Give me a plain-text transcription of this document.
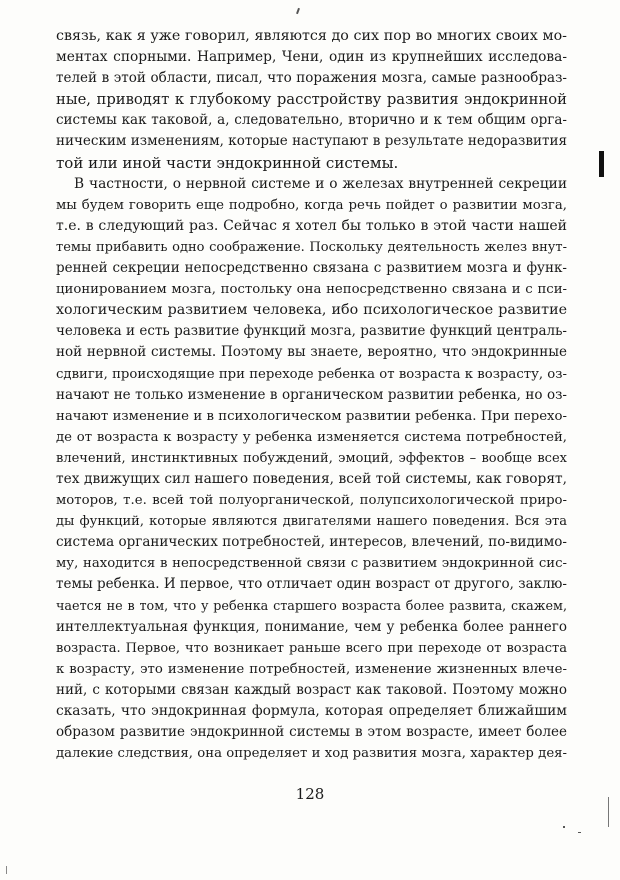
связь, как я уже говорил, являются до сих пор во многих своих мо-
ментах спорными. Например, Чени, один из крупнейших исследова-
телей в этой области, писал, что поражения мозга, самые разнообраз-
ные, приводят к глубокому расстройству развития эндокринной
системы как таковой, а, следовательно, вторично и к тем общим орга-
ническим изменениям, которые наступают в результате недоразвития
той или иной части эндокринной системы.
В частности, о нервной системе и о железах внутренней секреции
мы будем говорить еще подробно, когда речь пойдет о развитии мозга,
т.е. в следующий раз. Сейчас я хотел бы только в этой части нашей
темы прибавить одно соображение. Поскольку деятельность желез внут-
ренней секреции непосредственно связана с развитием мозга и функ-
ционированием мозга, постольку она непосредственно связана и с пси-
хологическим развитием человека, ибо психологическое развитие
человека и есть развитие функций мозга, развитие функций централь-
ной нервной системы. Поэтому вы знаете, вероятно, что эндокринные
сдвиги, происходящие при переходе ребенка от возраста к возрасту, оз-
начают не только изменение в органическом развитии ребенка, но оз-
начают изменение и в психологическом развитии ребенка. При перехо-
де от возраста к возрасту у ребенка изменяется система потребностей,
влечений, инстинктивных побуждений, эмоций, эффектов – вообще всех
тех движущих сил нашего поведения, всей той системы, как говорят,
моторов, т.е. всей той полуорганической, полупсихологической приро-
ды функций, которые являются двигателями нашего поведения. Вся эта
система органических потребностей, интересов, влечений, по-видимо-
му, находится в непосредственной связи с развитием эндокринной сис-
темы ребенка. И первое, что отличает один возраст от другого, заклю-
чается не в том, что у ребенка старшего возраста более развита, скажем,
интеллектуальная функция, понимание, чем у ребенка более раннего
возраста. Первое, что возникает раньше всего при переходе от возраста
к возрасту, это изменение потребностей, изменение жизненных влече-
ний, с которыми связан каждый возраст как таковой. Поэтому можно
сказать, что эндокринная формула, которая определяет ближайшим
образом развитие эндокринной системы в этом возрасте, имеет более
далекие следствия, она определяет и ход развития мозга, характер дея-
128
